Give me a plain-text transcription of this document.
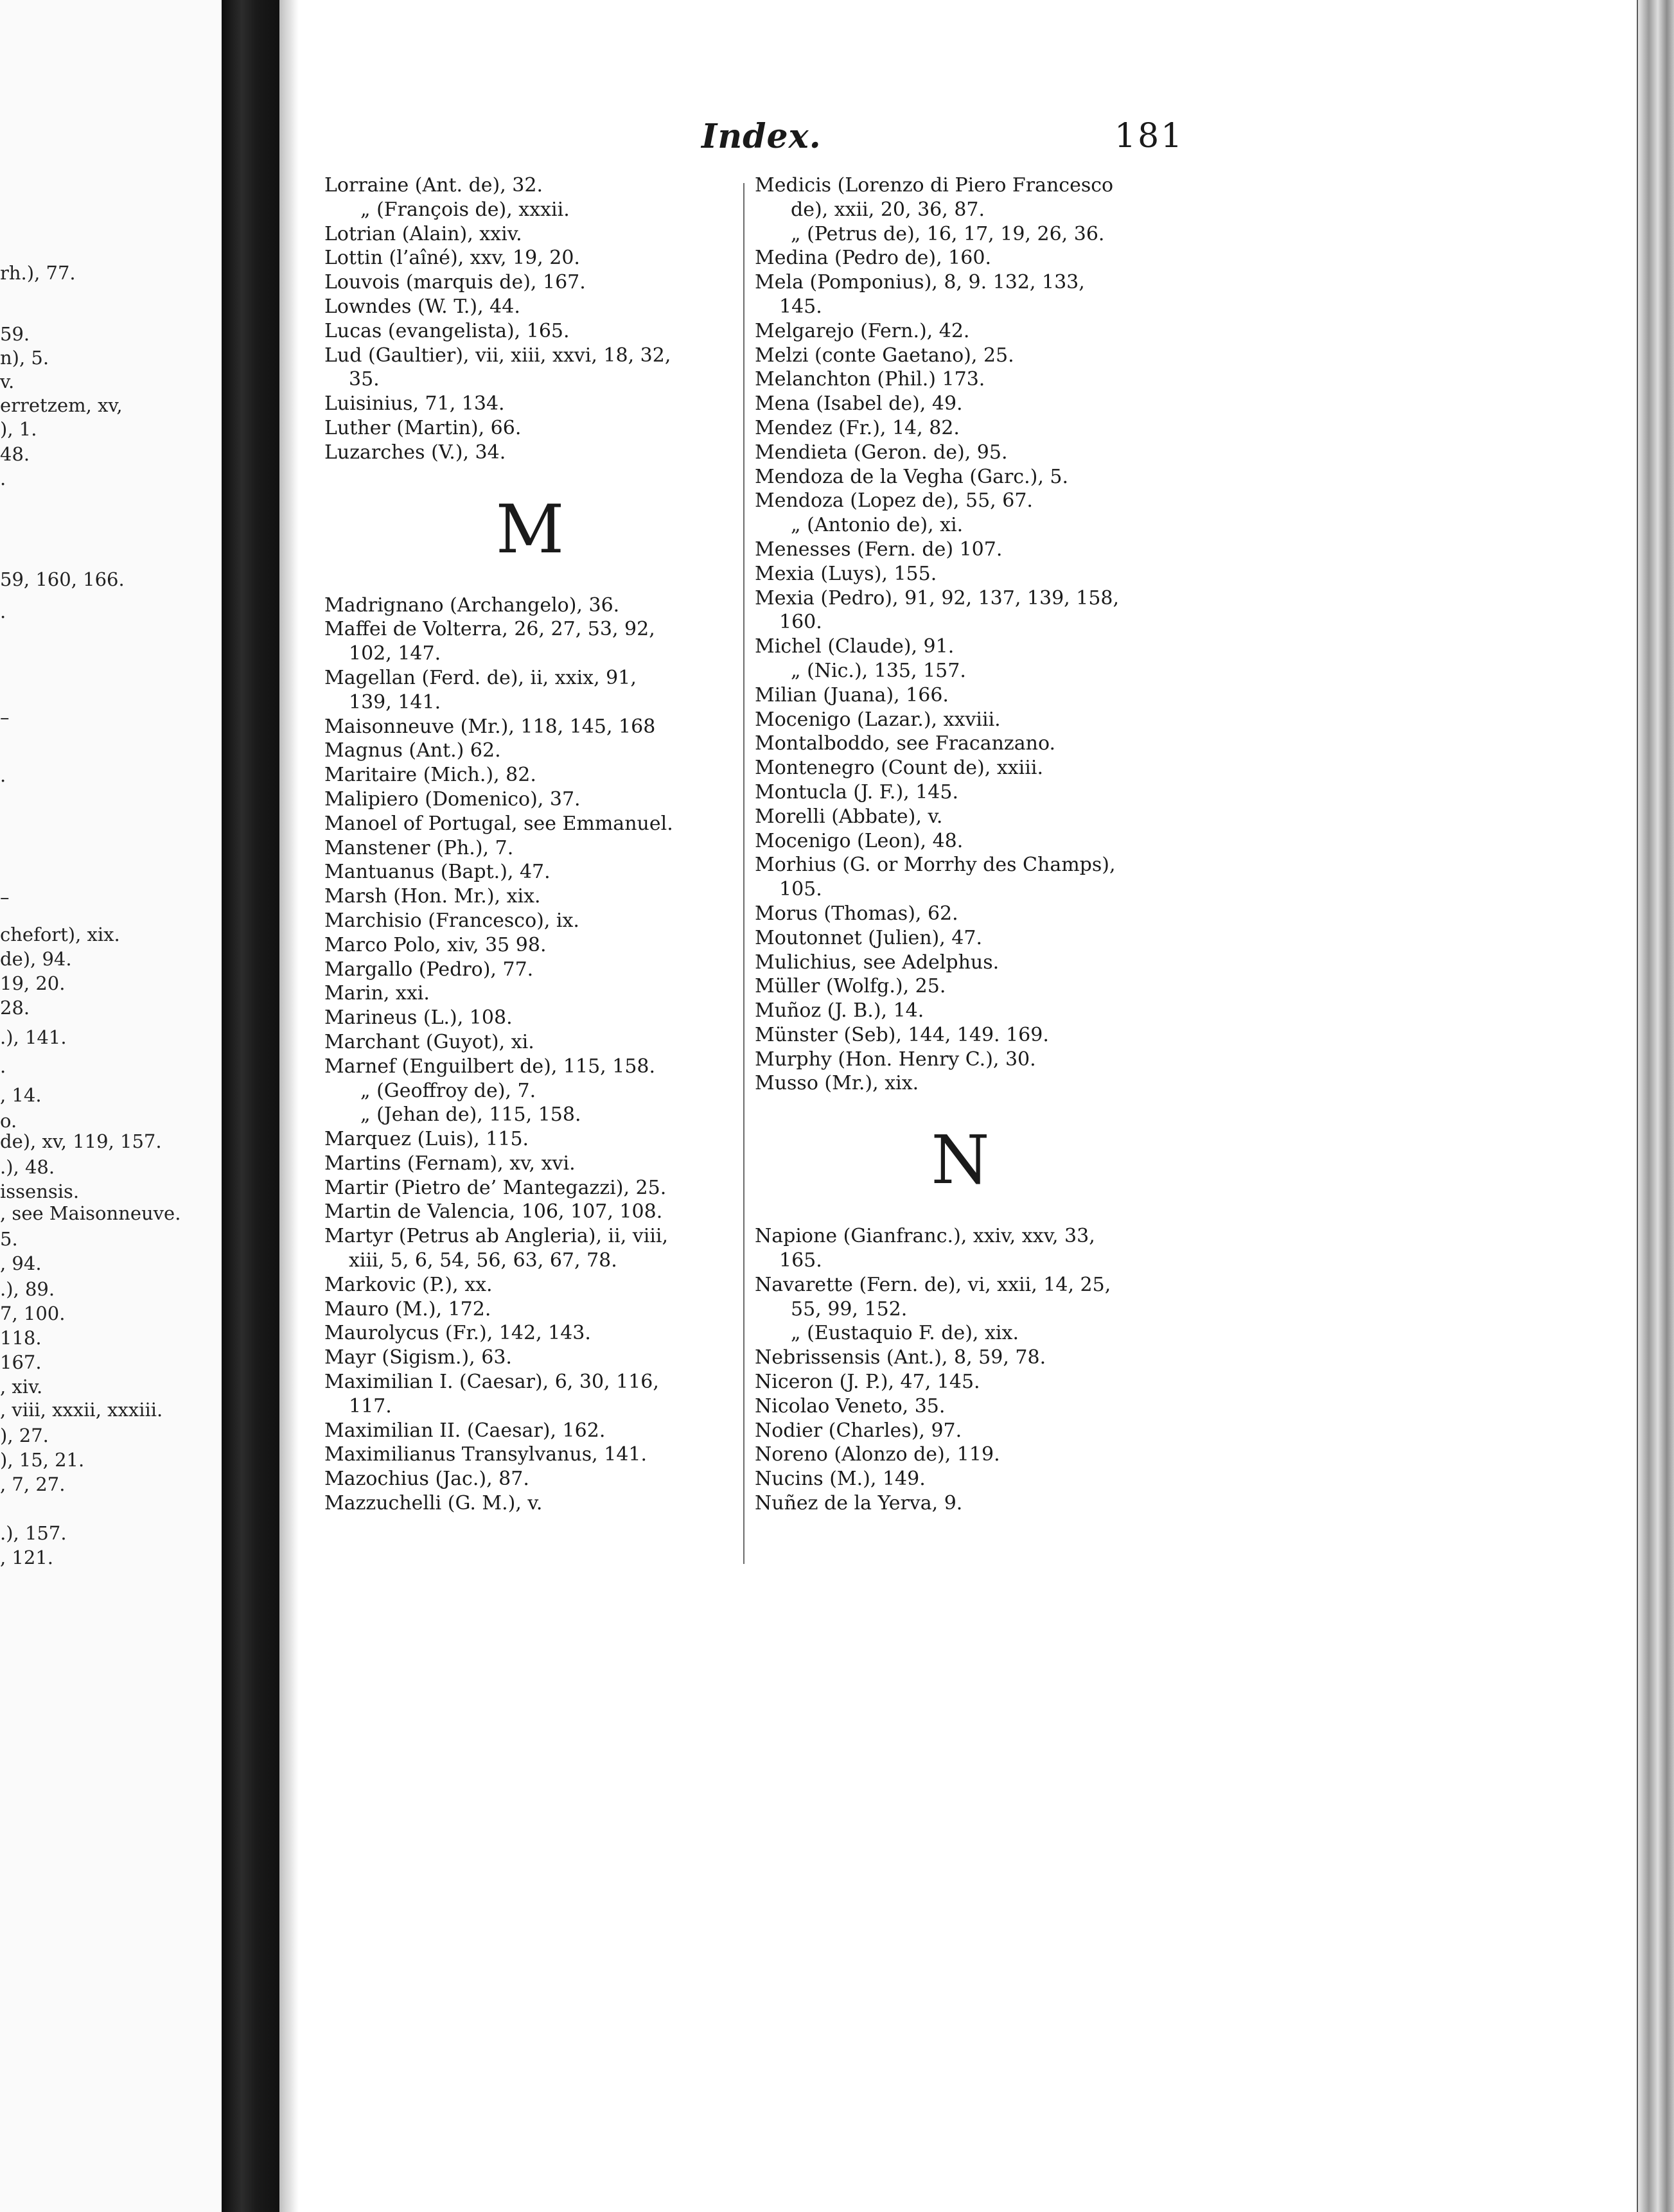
rh.), 77.
59.
n), 5.
v.
erretzem, xv,
), 1.
48.
.
59, 160, 166.
.
–
.
–
chefort), xix.
de), 94.
19, 20.
28.
.), 141.
.
, 14.
o.
de), xv, 119, 157.
.), 48.
issensis.
, see Maisonneuve.
5.
, 94.
.), 89.
7, 100.
118.
167.
, xiv.
, viii, xxxii, xxxiii.
), 27.
), 15, 21.
, 7, 27.
.), 157.
, 121.
Index.	181
Lorraine (Ant. de), 32.
„ (François de), xxxii.
Lotrian (Alain), xxiv.
Lottin (l’aîné), xxv, 19, 20.
Louvois (marquis de), 167.
Lowndes (W. T.), 44.
Lucas (evangelista), 165.
Lud (Gaultier), vii, xiii, xxvi, 18, 32,
35.
Luisinius, 71, 134.
Luther (Martin), 66.
Luzarches (V.), 34.
M
Madrignano (Archangelo), 36.
Maffei de Volterra, 26, 27, 53, 92,
102, 147.
Magellan (Ferd. de), ii, xxix, 91,
139, 141.
Maisonneuve (Mr.), 118, 145, 168
Magnus (Ant.) 62.
Maritaire (Mich.), 82.
Malipiero (Domenico), 37.
Manoel of Portugal, see Emmanuel.
Manstener (Ph.), 7.
Mantuanus (Bapt.), 47.
Marsh (Hon. Mr.), xix.
Marchisio (Francesco), ix.
Marco Polo, xiv, 35 98.
Margallo (Pedro), 77.
Marin, xxi.
Marineus (L.), 108.
Marchant (Guyot), xi.
Marnef (Enguilbert de), 115, 158.
„ (Geoffroy de), 7.
„ (Jehan de), 115, 158.
Marquez (Luis), 115.
Martins (Fernam), xv, xvi.
Martir (Pietro de’ Mantegazzi), 25.
Martin de Valencia, 106, 107, 108.
Martyr (Petrus ab Angleria), ii, viii,
xiii, 5, 6, 54, 56, 63, 67, 78.
Markovic (P.), xx.
Mauro (M.), 172.
Maurolycus (Fr.), 142, 143.
Mayr (Sigism.), 63.
Maximilian I. (Caesar), 6, 30, 116,
117.
Maximilian II. (Caesar), 162.
Maximilianus Transylvanus, 141.
Mazochius (Jac.), 87.
Mazzuchelli (G. M.), v.
Medicis (Lorenzo di Piero Francesco
de), xxii, 20, 36, 87.
„ (Petrus de), 16, 17, 19, 26, 36.
Medina (Pedro de), 160.
Mela (Pomponius), 8, 9. 132, 133,
145.
Melgarejo (Fern.), 42.
Melzi (conte Gaetano), 25.
Melanchton (Phil.) 173.
Mena (Isabel de), 49.
Mendez (Fr.), 14, 82.
Mendieta (Geron. de), 95.
Mendoza de la Vegha (Garc.), 5.
Mendoza (Lopez de), 55, 67.
„ (Antonio de), xi.
Menesses (Fern. de) 107.
Mexia (Luys), 155.
Mexia (Pedro), 91, 92, 137, 139, 158,
160.
Michel (Claude), 91.
„ (Nic.), 135, 157.
Milian (Juana), 166.
Mocenigo (Lazar.), xxviii.
Montalboddo, see Fracanzano.
Montenegro (Count de), xxiii.
Montucla (J. F.), 145.
Morelli (Abbate), v.
Mocenigo (Leon), 48.
Morhius (G. or Morrhy des Champs),
105.
Morus (Thomas), 62.
Moutonnet (Julien), 47.
Mulichius, see Adelphus.
Müller (Wolfg.), 25.
Muñoz (J. B.), 14.
Münster (Seb), 144, 149. 169.
Murphy (Hon. Henry C.), 30.
Musso (Mr.), xix.
N
Napione (Gianfranc.), xxiv, xxv, 33,
165.
Navarette (Fern. de), vi, xxii, 14, 25,
55, 99, 152.
„ (Eustaquio F. de), xix.
Nebrissensis (Ant.), 8, 59, 78.
Niceron (J. P.), 47, 145.
Nicolao Veneto, 35.
Nodier (Charles), 97.
Noreno (Alonzo de), 119.
Nucins (M.), 149.
Nuñez de la Yerva, 9.
